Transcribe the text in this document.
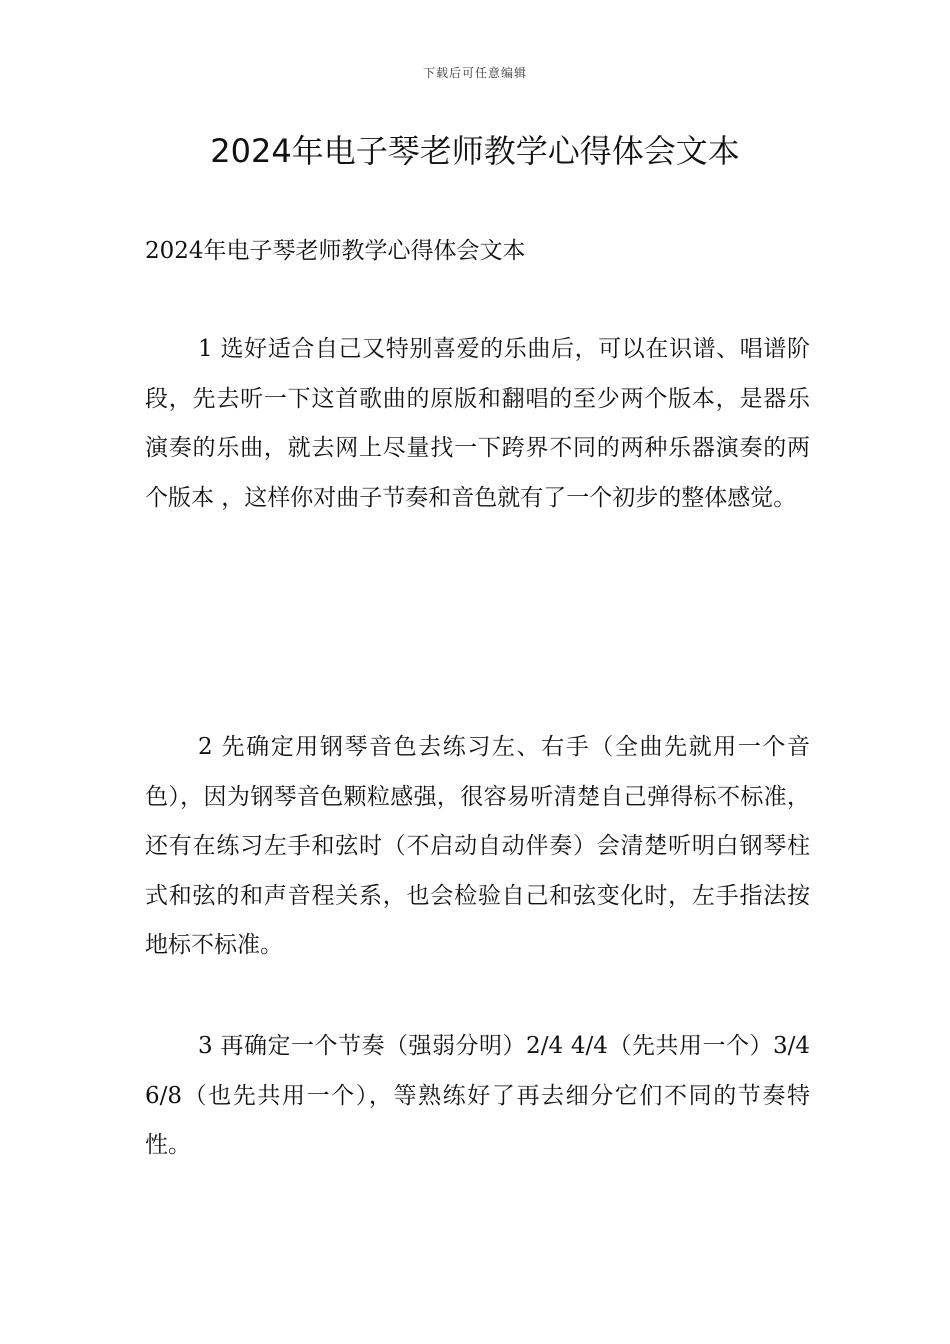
下载后可任意编辑
2024年电子琴老师教学心得体会文本

2024年电子琴老师教学心得体会文本

1 选好适合自己又特别喜爱的乐曲后，可以在识谱、唱谱阶段，先去听一下这首歌曲的原版和翻唱的至少两个版本，是器乐演奏的乐曲，就去网上尽量找一下跨界不同的两种乐器演奏的两个版本 ，这样你对曲子节奏和音色就有了一个初步的整体感觉。

2 先确定用钢琴音色去练习左、右手（全曲先就用一个音色），因为钢琴音色颗粒感强，很容易听清楚自己弹得标不标准，还有在练习左手和弦时（不启动自动伴奏）会清楚听明白钢琴柱式和弦的和声音程关系，也会检验自己和弦变化时，左手指法按地标不标准。

3 再确定一个节奏（强弱分明）2/4 4/4（先共用一个）3/4 6/8（也先共用一个），等熟练好了再去细分它们不同的节奏特性。
